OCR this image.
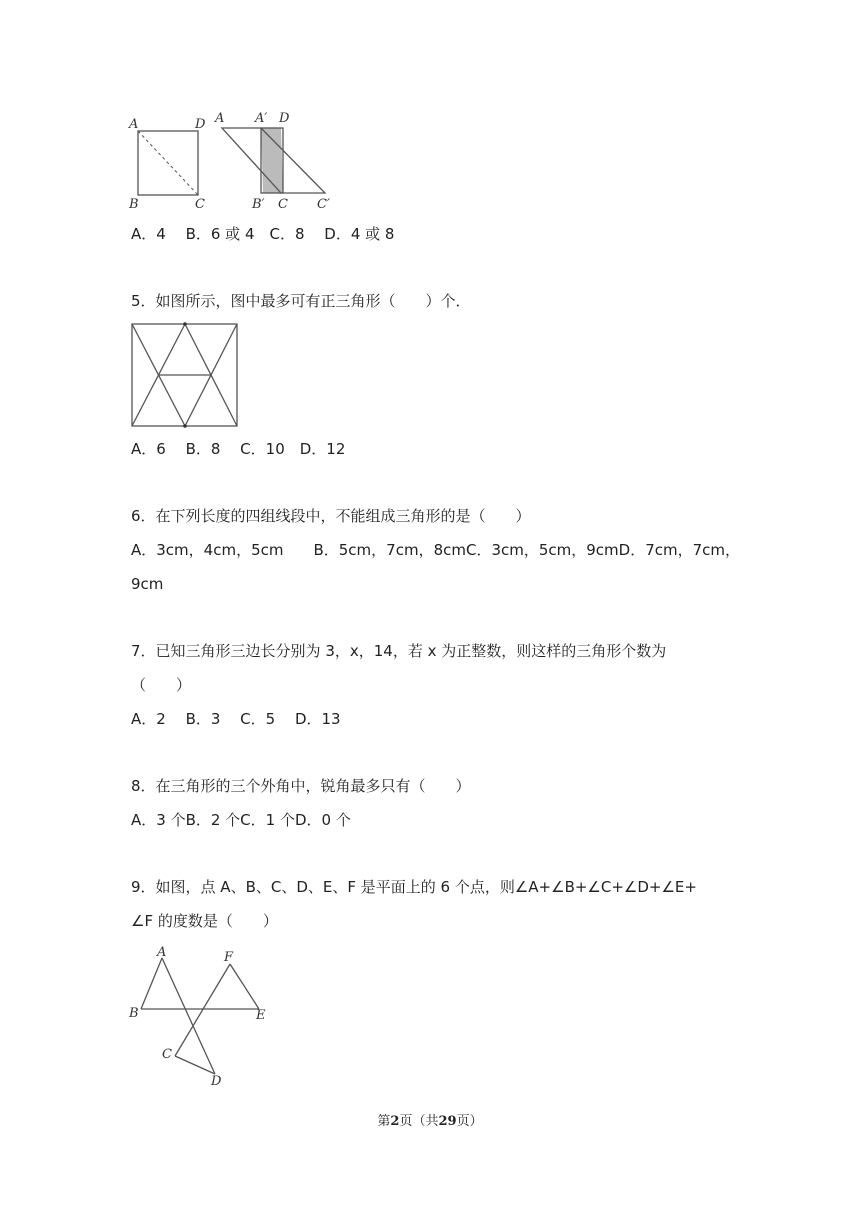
A	D
B	C
A A′ D
B′ C C′
A．4　 B．6 或 4　C．8　 D．4 或 8
5．如图所示，图中最多可有正三角形（　　）个．
A．6　 B．8　 C．10　D．12
6．在下列长度的四组线段中，不能组成三角形的是（　　）
A．3cm，4cm，5cm　　B．5cm，7cm，8cmC．3cm，5cm，9cmD．7cm，7cm，
9cm
7．已知三角形三边长分别为 3，x，14，若 x 为正整数，则这样的三角形个数为
（　　）
A．2　 B．3　 C．5　 D．13
8．在三角形的三个外角中，锐角最多只有（　　）
A．3 个B．2 个C．1 个D．0 个
9．如图，点 A、B、C、D、E、F 是平面上的 6 个点，则∠A+∠B+∠C+∠D+∠E+
∠F 的度数是（　　）
A	F
B	E
C
D
第2页（共29页）
